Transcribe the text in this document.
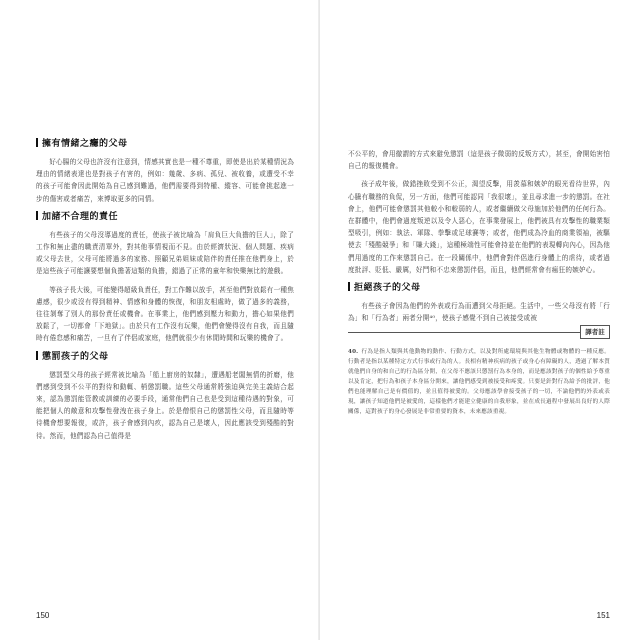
擁有情緒之癮的父母

好心腸的父母也許沒有注意到，情感其實也是一種不尊重，即使是出於某種情況為理由的情緒表達也是對孩子有害的，例如：幾歲、多病、孤兒、被收養，或遭受不幸的孩子可能會因此開始為自己感到難過，他們需要得到特權、縱容、可能會挑起進一步的傷害或者痛苦，來博取更多的同情。

加諸不合理的責任

有些孩子的父母沒導過度的責任，使孩子被比喻為「肩負巨大負擔的巨人」，除了工作和無止盡的職責清單外，對其他事情視而不見。由於經濟狀況、個人問題、疾病或父母去世，父母可能將過多的家務、照顧兄弟姐妹或陪伴的責任推在他們身上，於是這些孩子可能讓要想個負擔著這類的負擔，錯過了正常的童年和快樂無比的遊戲。

等孩子長大後，可能變得超級負責任，對工作難以放手，甚至他們對放鬆有一種焦慮感，很少或沒有得到精神、情感和身體的恢復，和朋友相處時，做了過多的義務，往往剝奪了別人的那份責任或機會。在事業上，他們感到壓力和動力，擔心如果他們放鬆了，一切都會「下地獄」。由於只有工作沒有玩樂，他們會變得沒有自我，而且隨時有倦怠感和痛苦，一旦有了伴侶或家庭，他們就很少有休閒時間和玩樂的機會了。

懲罰孩子的父母

懲罰型父母的孩子經常被比喻為「船上廚房的奴隸」，遭遇船老闆無情的折磨，他們感到受到不公平的對待和動輒、梢懲罰職。這些父母通常將強迫與完美主義結合起來，認為懲罰能管教或訓練的必要手段，通常他們自己也是受到這種待遇的對象，可能把個人的敵意和攻擊性發洩在孩子身上。於是僧恨自己的懲罰性父母，而且隨時等待機會想要報復，或許，孩子會感到內疚，認為自己是壞人，因此應該受到殘酷的對待。然而，他們認為自己值得是

150

不公平的，會用徹謂的方式來避免懲罰（這是孩子微弱的反叛方式），甚至，會開始害怕自己的報復機會。

孩子成年後，做錯挫敗受到不公正，渴望反擊，用羨慕和嫉妒的眼光看待世界，內心騰有職務的負侃，另一方面，他們可能認同「我很壞」，並且尋求進一步的懲罰。在社會上，他們可能會懲罰其他較小和較弱的人，或者繼續做父母施加於他們的任何行為。在群體中，他們會過度叛逆以及令人惡心，在事業發展上，他們被具有攻擊性的職業類型吸引，例如：執法、軍隊、拳擊或足球賽等；或者，他們成為冷血的商業領袖，被驅使去「殘酷競爭」和「賺大錢」，這種極端性可能會持並在他們的表現轉向內心，因為他們用過度的工作來懲罰自己。在一段關係中，他們會對伴侶進行身體上的虐待，或者過度批評、貶低、嚴厲，好鬥和不忠來懲罰伴侶，而且，他們經常會有瘋狂的嫉妒心。

拒絕孩子的父母

有些孩子會因為他們的外表或行為而遭到父母拒絕。生活中，一些父母沒有將「行為」和「行為者」兩者分開⁴⁰，使孩子感覺不到自己被接受或被

譯者註
40. 行為是指人類與其他動物的動作、行動方式，以及對所處環境與其他生物體或物體的一種反應。行動者是指以某種特定方式行事或行為的人。長相有精神疾病的孩子或身心有障礙的人，透過了解本質就他們自身的和自己的行為區分開，在父母不應該只懲罰行為本身的，而是應該對孩子的個性給予尊重以及肯定，把行為和孩子本身區分開來，讓他們感受到被接受和疼愛。只要是針對行為給予的批評，他們也能理解自己是有價值的，並且值得被愛的。父母應該學會接受孩子的一切，不論他們的外表或表現，讓孩子知道他們是被愛的，這樣他們才能建立健康的自我形象，並在成長過程中發展出良好的人際關係，這對孩子的身心發展是非常重要的資本，未來應該重視。
151
